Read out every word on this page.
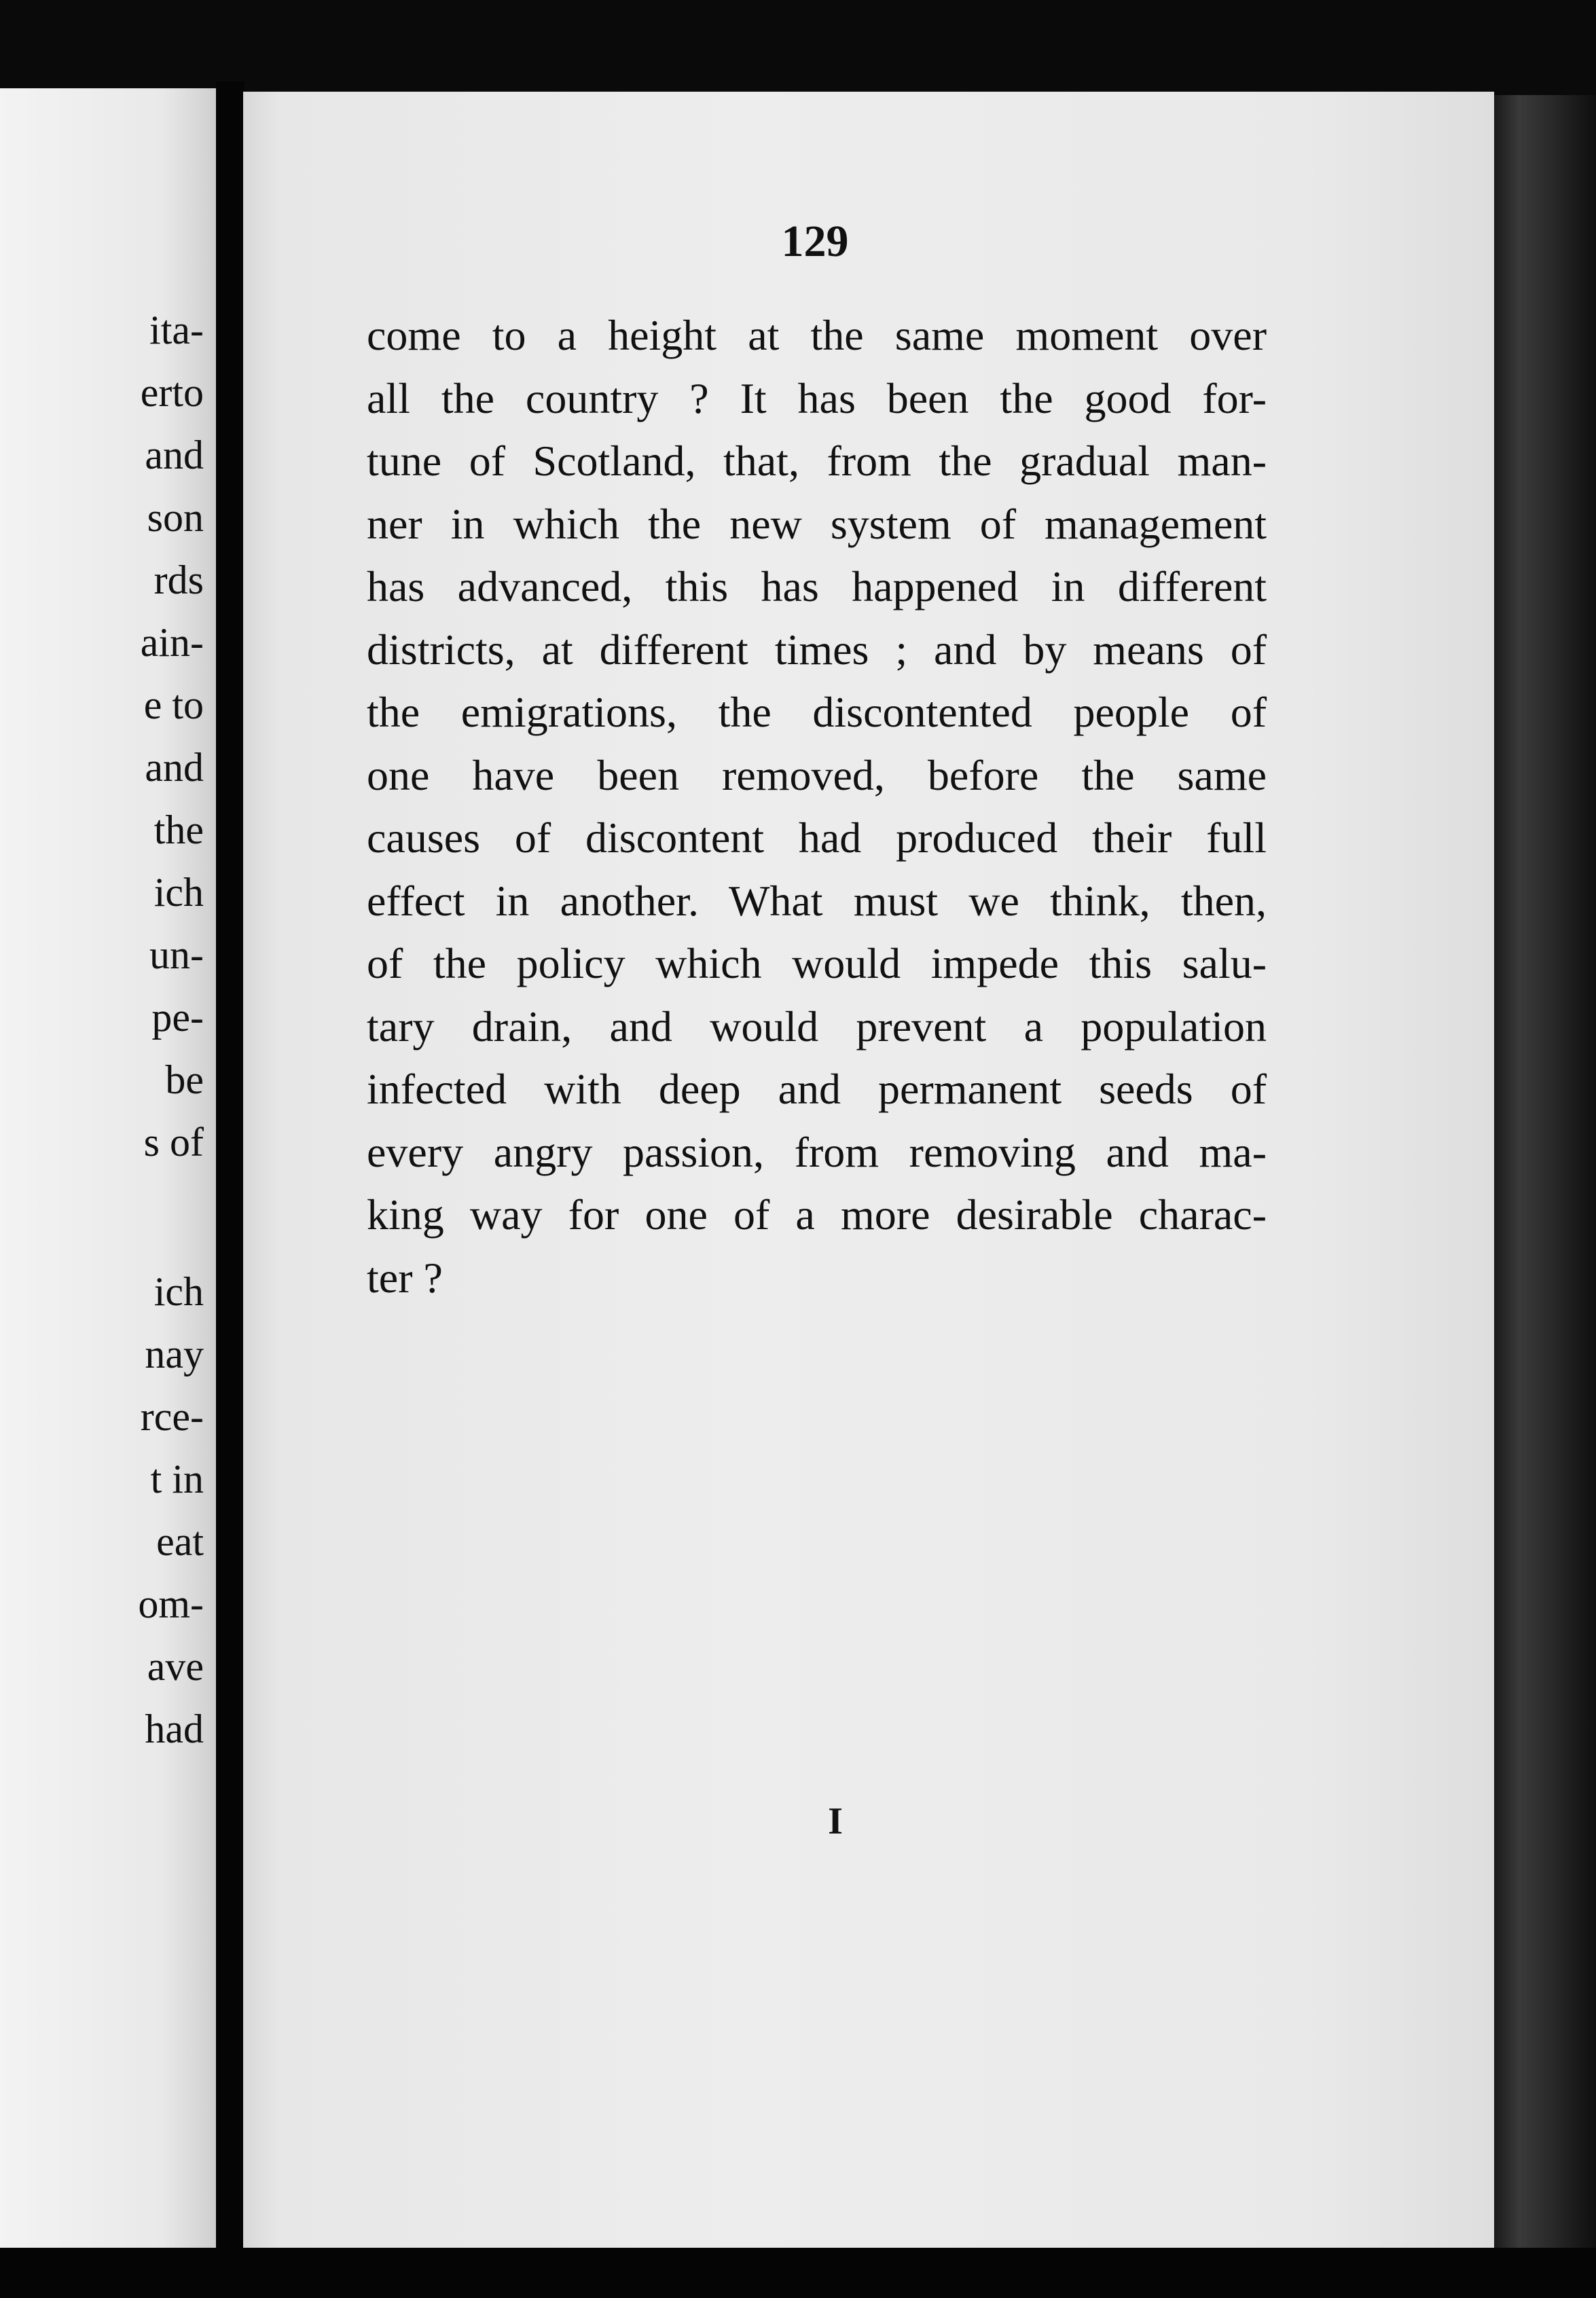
ita-
erto
and
son
rds
ain-
e to
and
the
ich
un-
pe-
be
s of
ich
nay
rce-
t in
eat
om-
ave
had
129
come to a height at the same moment over
all the country ? It has been the good for-
tune of Scotland, that, from the gradual man-
ner in which the new system of management
has advanced, this has happened in different
districts, at different times ; and by means of
the emigrations, the discontented people of
one have been removed, before the same
causes of discontent had produced their full
effect in another. What must we think, then,
of the policy which would impede this salu-
tary drain, and would prevent a population
infected with deep and permanent seeds of
every angry passion, from removing and ma-
king way for one of a more desirable charac-
ter ?
I
